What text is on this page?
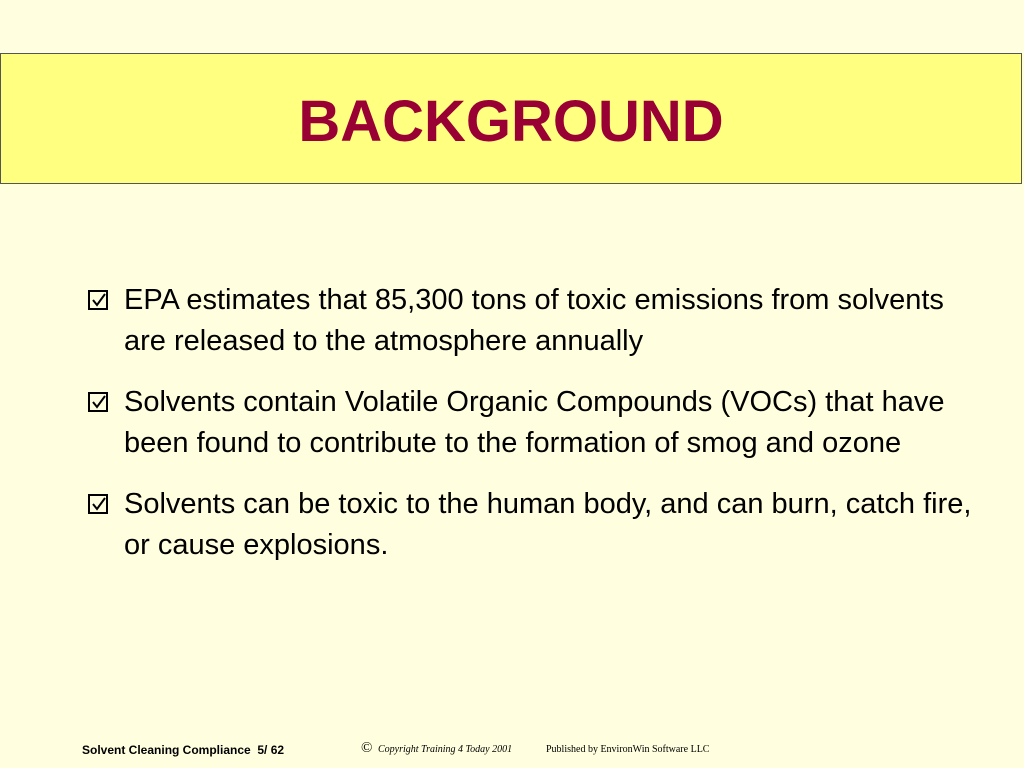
BACKGROUND
EPA estimates that 85,300 tons of toxic emissions from solvents are released to the atmosphere annually
Solvents contain Volatile Organic Compounds (VOCs) that have been found to contribute to the formation of smog and ozone
Solvents can be toxic to the human body, and can burn, catch fire, or cause explosions.
Solvent Cleaning Compliance  5/ 62	© Copyright Training 4 Today 2001	Published by EnvironWin Software LLC
